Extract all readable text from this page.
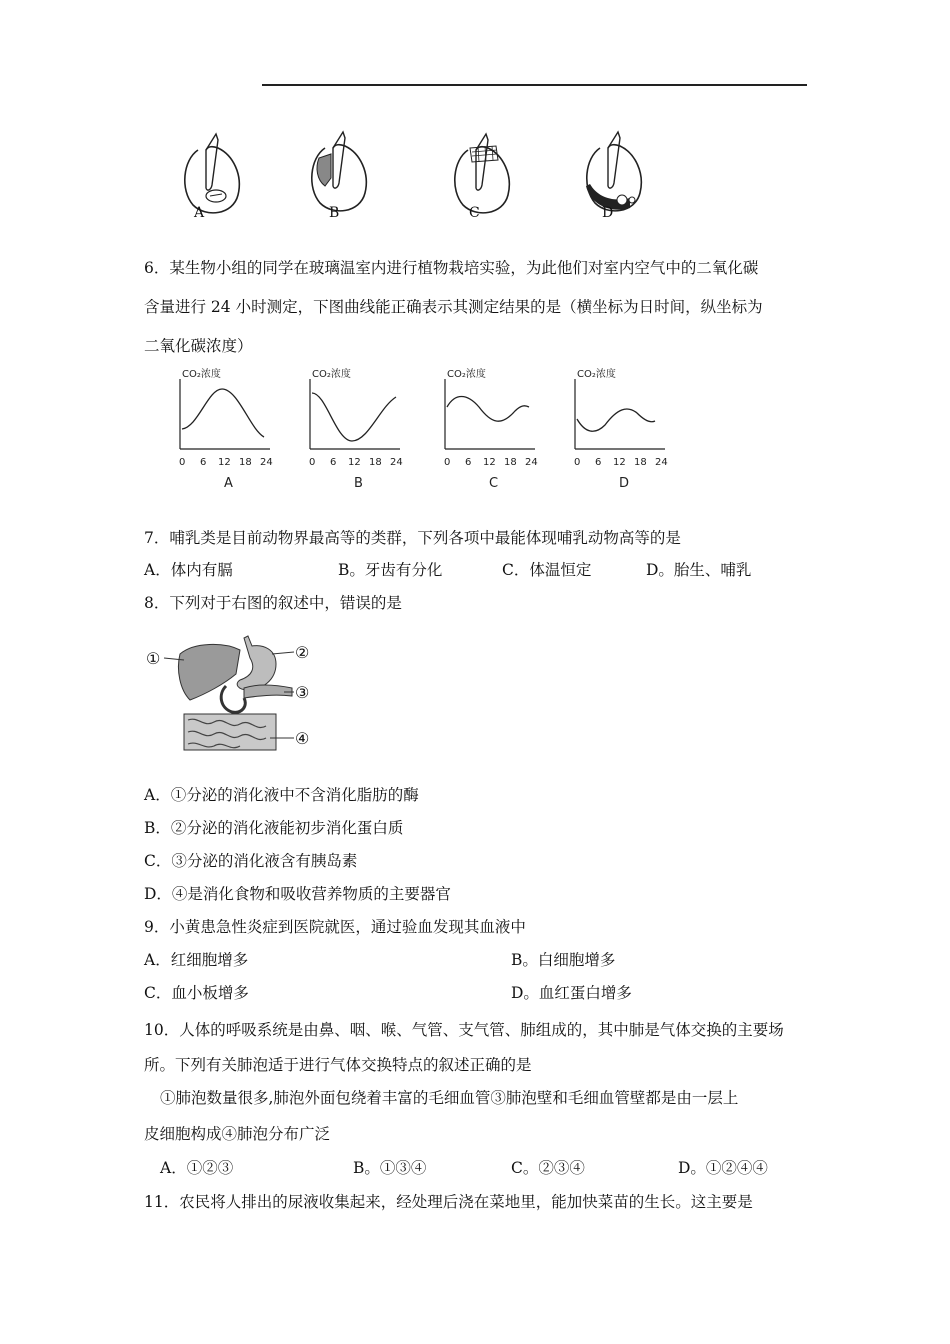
A	B	C	D
6．某生物小组的同学在玻璃温室内进行植物栽培实验，为此他们对室内空气中的二氧化碳
含量进行 24 小时测定，下图曲线能正确表示其测定结果的是（横坐标为日时间，纵坐标为
二氧化碳浓度）
CO₂浓度
0 6 12 18 24
A
CO₂浓度
0 6 12 18 24
B
CO₂浓度
0 6 12 18 24
C
CO₂浓度
0 6 12 18 24
D
7．哺乳类是目前动物界最高等的类群，下列各项中最能体现哺乳动物高等的是
A．体内有膈	B。牙齿有分化	C．体温恒定	D。胎生、哺乳
8．下列对于右图的叙述中，错误的是
①	②
③
④
A．①分泌的消化液中不含消化脂肪的酶
B．②分泌的消化液能初步消化蛋白质
C．③分泌的消化液含有胰岛素
D．④是消化食物和吸收营养物质的主要器官
9．小黄患急性炎症到医院就医，通过验血发现其血液中
A．红细胞增多	B。白细胞增多
C．血小板增多	D。血红蛋白增多
10．人体的呼吸系统是由鼻、咽、喉、气管、支气管、肺组成的，其中肺是气体交换的主要场
所。下列有关肺泡适于进行气体交换特点的叙述正确的是
①肺泡数量很多,肺泡外面包绕着丰富的毛细血管③肺泡壁和毛细血管壁都是由一层上
皮细胞构成④肺泡分布广泛
A．①②③	B。①③④	C。②③④	D。①②④④
11．农民将人排出的尿液收集起来，经处理后浇在菜地里，能加快菜苗的生长。这主要是
